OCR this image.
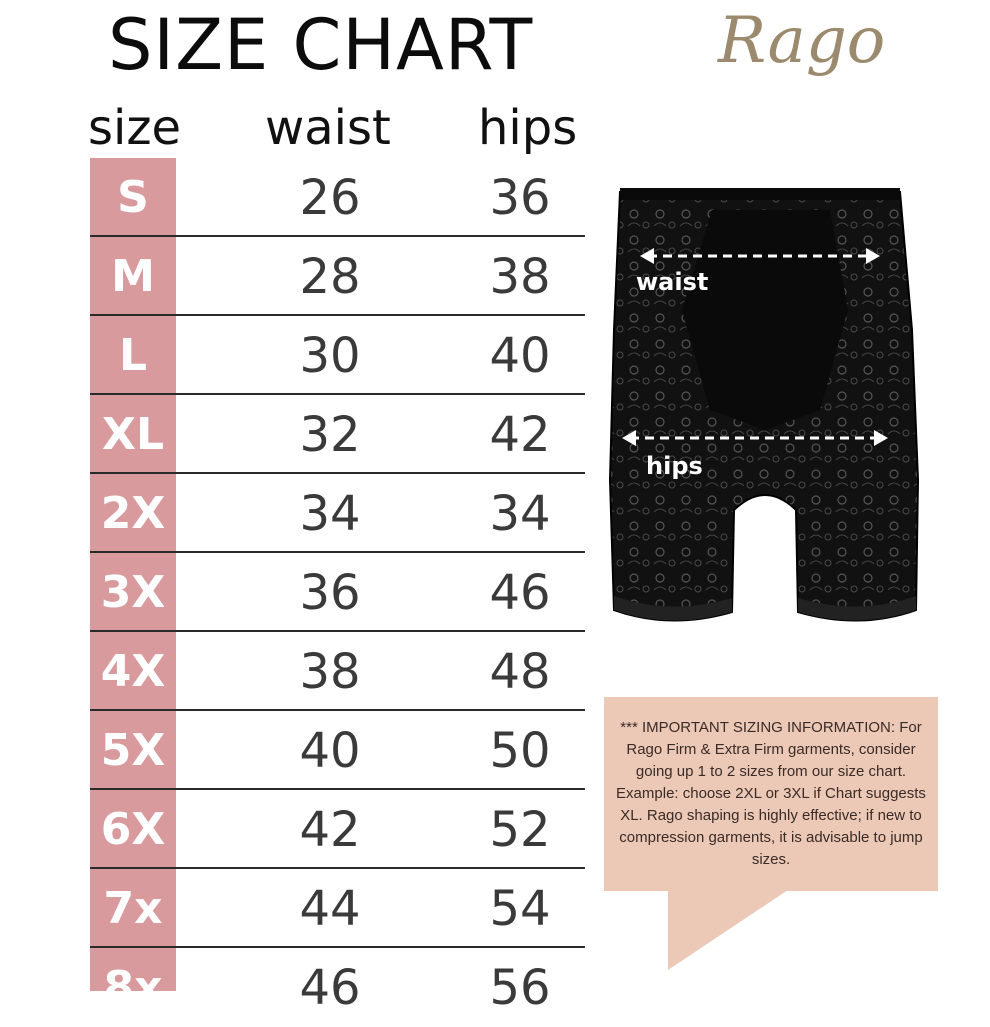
SIZE CHART	Rago
size waist hips
S	26	36
M	28	38
L	30	40
XL	32	42
2X	34	34
3X	36	46
4X	38	48
5X	40	50
6X	42	52
7x	44	54
8x	46	56
waist
hips
*** IMPORTANT SIZING INFORMATION: For Rago Firm & Extra Firm garments, consider going up 1 to 2 sizes from our size chart. Example: choose 2XL or 3XL if Chart suggests XL. Rago shaping is highly effective; if new to compression garments, it is advisable to jump sizes.
